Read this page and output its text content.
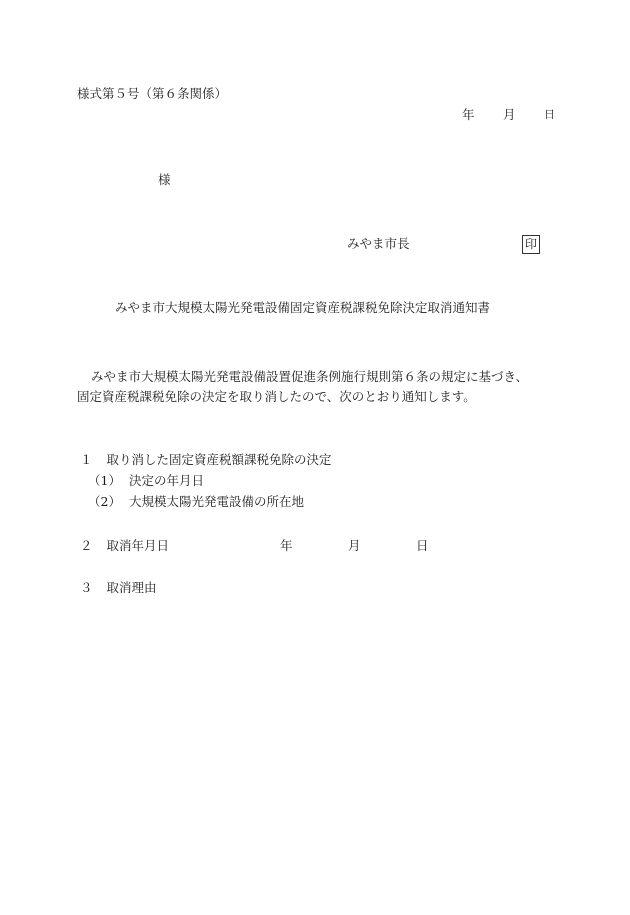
様式第５号（第６条関係）
年 月	日
様
みやま市長	印
みやま市大規模太陽光発電設備固定資産税課税免除決定取消通知書
みやま市大規模太陽光発電設備設置促進条例施行規則第６条の規定に基づき、
固定資産税課税免除の決定を取り消したので、次のとおり通知します。
１ 取り消した固定資産税額課税免除の決定
（1） 決定の年月日
（2） 大規模太陽光発電設備の所在地
２ 取消年月日	年	月	日
３ 取消理由
